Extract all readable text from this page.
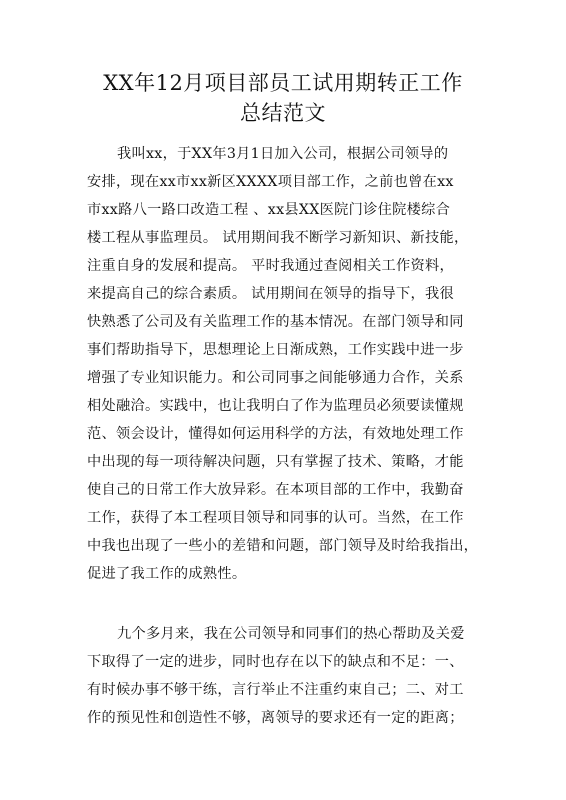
XX年12月项目部员工试用期转正工作
总结范文
我叫xx，于XX年3月1日加入公司，根据公司领导的
安排，现在xx市xx新区XXXX项目部工作，之前也曾在xx
市xx路八一路口改造工程 、xx县XX医院门诊住院楼综合
楼工程从事监理员。 试用期间我不断学习新知识、新技能，
注重自身的发展和提高。 平时我通过查阅相关工作资料，
来提高自己的综合素质。 试用期间在领导的指导下，我很
快熟悉了公司及有关监理工作的基本情况。在部门领导和同
事们帮助指导下，思想理论上日渐成熟，工作实践中进一步
增强了专业知识能力。和公司同事之间能够通力合作，关系
相处融洽。实践中，也让我明白了作为监理员必须要读懂规
范、领会设计，懂得如何运用科学的方法，有效地处理工作
中出现的每一项待解决问题，只有掌握了技术、策略，才能
使自己的日常工作大放异彩。在本项目部的工作中，我勤奋
工作，获得了本工程项目领导和同事的认可。当然，在工作
中我也出现了一些小的差错和问题，部门领导及时给我指出，
促进了我工作的成熟性。
九个多月来，我在公司领导和同事们的热心帮助及关爱
下取得了一定的进步，同时也存在以下的缺点和不足：一、
有时候办事不够干练，言行举止不注重约束自己；二、对工
作的预见性和创造性不够，离领导的要求还有一定的距离；
